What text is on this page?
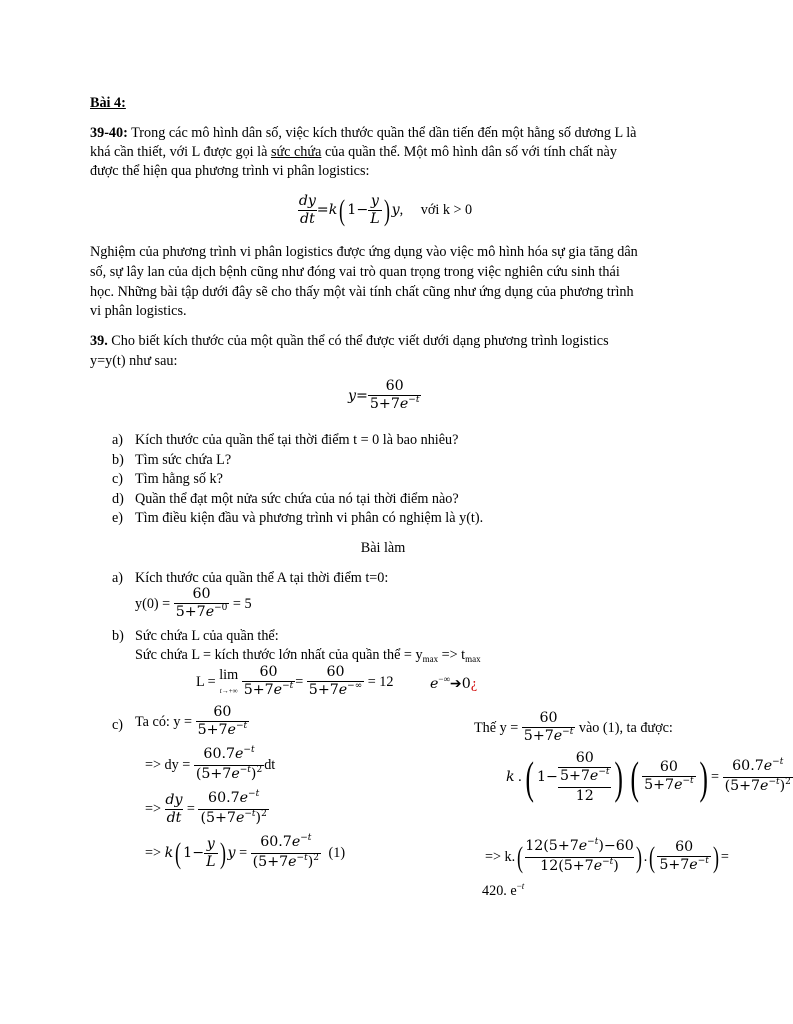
Bài 4:
39-40: Trong các mô hình dân số, việc kích thước quần thể dần tiến đến một hằng số dương L là
khá cần thiết, với L được gọi là sức chứa của quần thể. Một mô hình dân số với tính chất này
được thể hiện qua phương trình vi phân logistics:
$\frac{dy}{dt} =k$( $1- \frac{y}{L}$ ) y, với k > 0
Nghiệm của phương trình vi phân logistics được ứng dụng vào việc mô hình hóa sự gia tăng dân
số, sự lây lan của dịch bệnh cũng như đóng vai trò quan trọng trong việc nghiên cứu sinh thái
học. Những bài tập dưới đây sẽ cho thấy một vài tính chất cũng như ứng dụng của phương trình
vi phân logistics.
39. Cho biết kích thước của một quần thể có thể được viết dưới dạng phương trình logistics
y=y(t) như sau:
$y= \frac{60}{5+7e^{-t}}$
a) Kích thước của quần thể tại thời điểm t = 0 là bao nhiêu?
b) Tìm sức chứa L?
c) Tìm hằng số k?
d) Quần thể đạt một nửa sức chứa của nó tại thời điểm nào?
e) Tìm điều kiện đầu và phương trình vi phân có nghiệm là y(t).
Bài làm
a) Kích thước của quần thể A tại thời điểm t=0:
$y(0) = \frac{60}{5+7e^{-0}} = 5$
b) Sức chứa L của quần thể:
Sức chứa L = kích thước lớn nhất của quần thể = $y_{max} => t_{max}$
L = lim
$t\to+\infty \frac{60}{5+7e^{-t}} = \frac{60}{5+7e^{-\infty}} = 12$	e−∞➔0¿
c) Ta có: $y = \frac{60}{5+7e^{-t}}$
=> dy = $\frac{60.7e^{-t}}{(5+7e^{-t})^2}$ dt
=> $\frac{dy}{dt} = \frac{60.7e^{-t}}{(5+7e^{-t})^2}$
=> k( $1- \frac{y}{L}$ ) $y = \frac{60.7e^{-t}}{(5+7e^{-t})^2} (1)$
Thế $y = \frac{60}{5+7e^{-t}}$ vào (1), ta được:
k .( 1−
60
$5+7e^{-t}$
12 ) ( $\frac{60}{5+7e^{-t}}$ ) = $\frac{60.7e^{-t}}{(5+7e^{-t})^2}$
=> $k.( \frac{12(5+7e^{-t})-60}{12(5+7e^{-t})}$ ) .( $\frac{60}{5+7e^{-t}}$ ) =
420. $e^{-t}$
